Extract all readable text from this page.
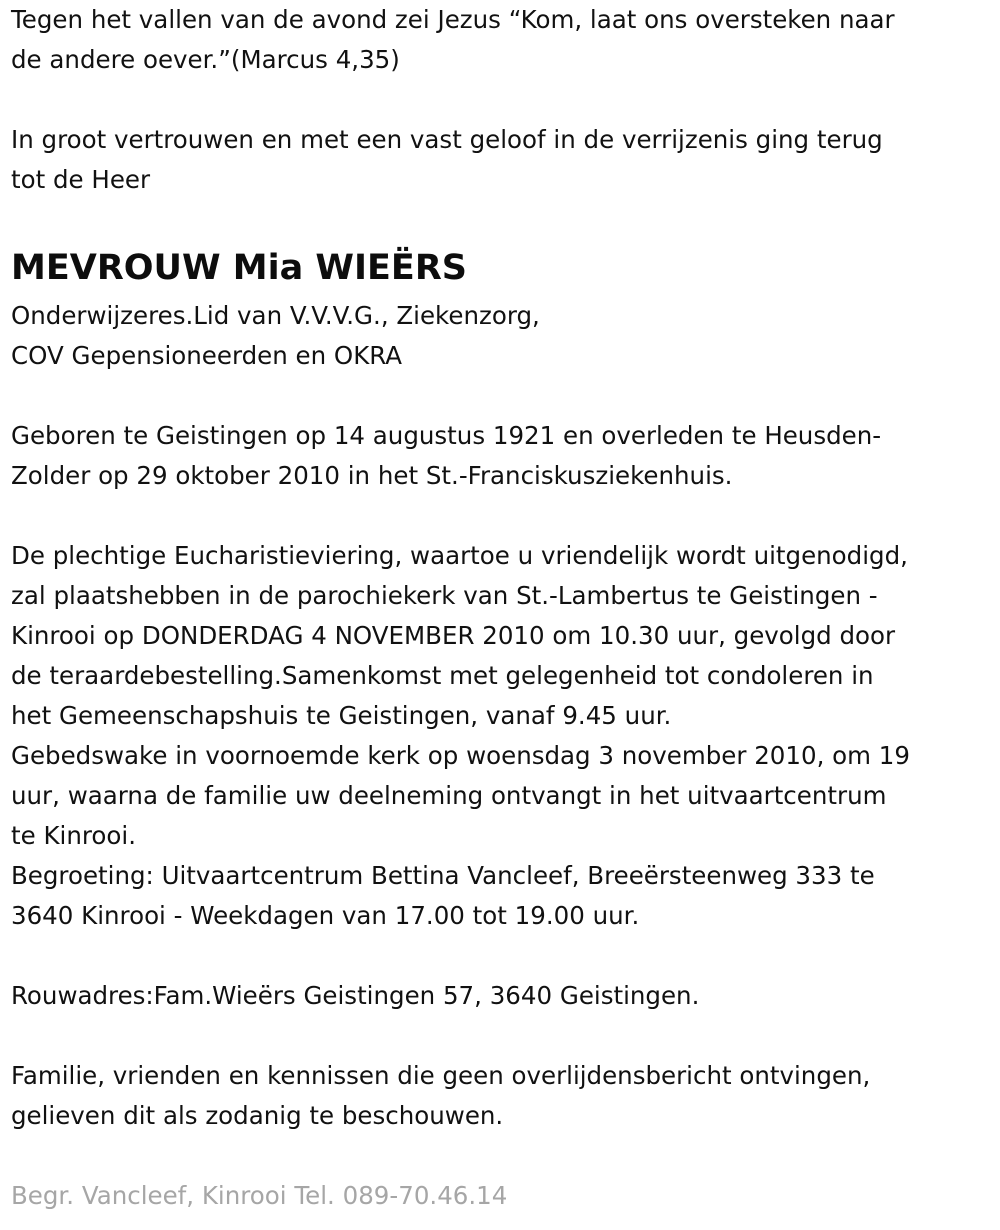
Tegen het vallen van de avond zei Jezus “Kom, laat ons oversteken naar
de andere oever.”(Marcus 4,35)

In groot vertrouwen en met een vast geloof in de verrijzenis ging terug
tot de Heer

MEVROUW Mia WIEËRS

Onderwijzeres.Lid van V.V.V.G., Ziekenzorg,
COV Gepensioneerden en OKRA

Geboren te Geistingen op 14 augustus 1921 en overleden te Heusden-
Zolder op 29 oktober 2010 in het St.-Franciskusziekenhuis.

De plechtige Eucharistieviering, waartoe u vriendelijk wordt uitgenodigd,
zal plaatshebben in de parochiekerk van St.-Lambertus te Geistingen -
Kinrooi op DONDERDAG 4 NOVEMBER 2010 om 10.30 uur, gevolgd door
de teraardebestelling.Samenkomst met gelegenheid tot condoleren in
het Gemeenschapshuis te Geistingen, vanaf 9.45 uur.
Gebedswake in voornoemde kerk op woensdag 3 november 2010, om 19
uur, waarna de familie uw deelneming ontvangt in het uitvaartcentrum
te Kinrooi.
Begroeting: Uitvaartcentrum Bettina Vancleef, Breeërsteenweg 333 te
3640 Kinrooi - Weekdagen van 17.00 tot 19.00 uur.

Rouwadres:Fam.Wieërs Geistingen 57, 3640 Geistingen.

Familie, vrienden en kennissen die geen overlijdensbericht ontvingen,
gelieven dit als zodanig te beschouwen.

Begr. Vancleef, Kinrooi Tel. 089-70.46.14
